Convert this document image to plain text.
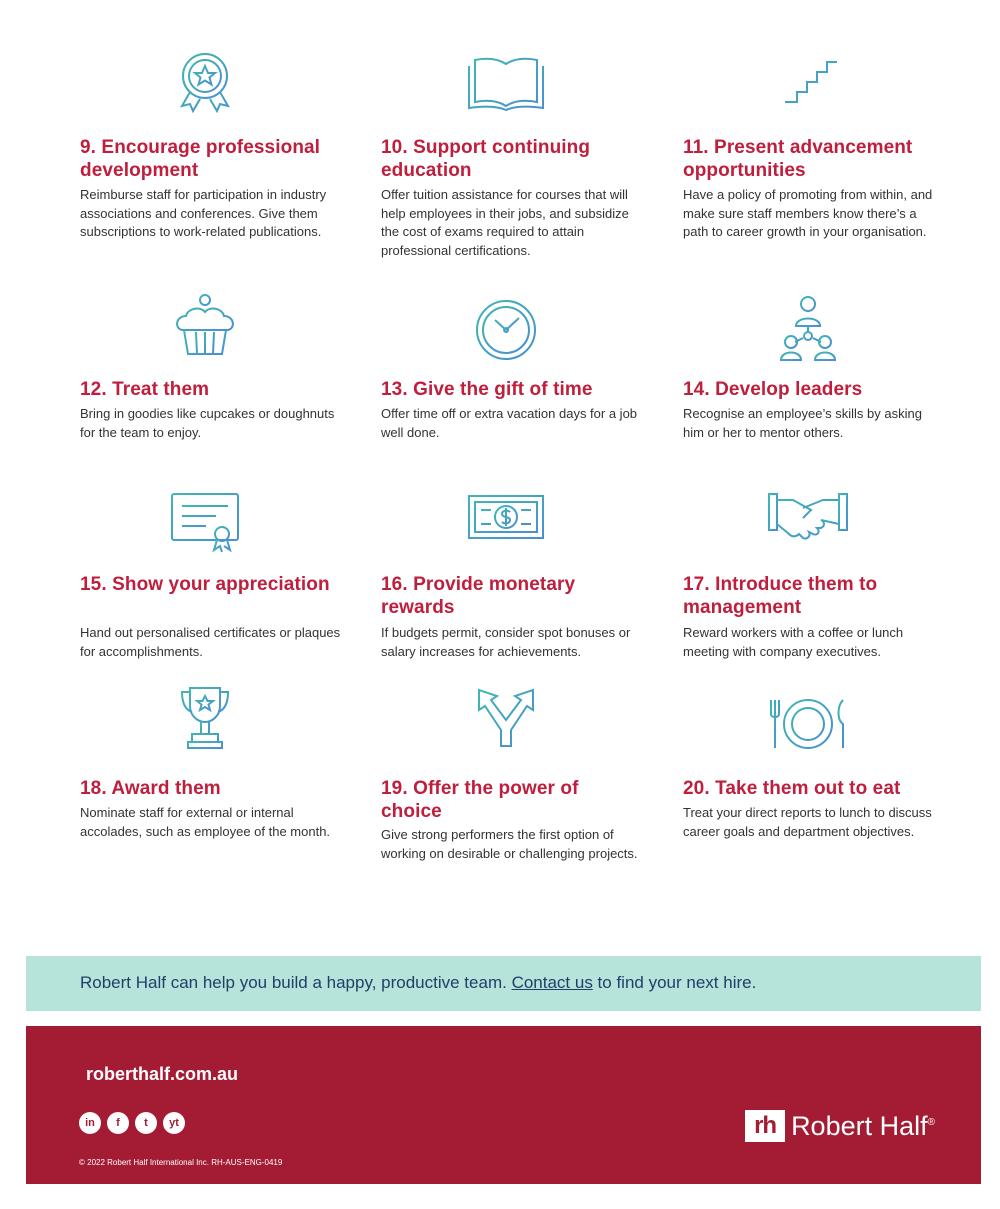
9. Encourage professional development
Reimburse staff for participation in industry associations and conferences. Give them subscriptions to work-related publications.
10. Support continuing education
Offer tuition assistance for courses that will help employees in their jobs, and subsidize the cost of exams required to attain professional certifications.
11. Present advancement opportunities
Have a policy of promoting from within, and make sure staff members know there’s a path to career growth in your organisation.
12. Treat them
Bring in goodies like cupcakes or doughnuts for the team to enjoy.
13. Give the gift of time
Offer time off or extra vacation days for a job well done.
14. Develop leaders
Recognise an employee’s skills by asking him or her to mentor others.
15. Show your appreciation
Hand out personalised certificates or plaques for accomplishments.
16. Provide monetary rewards
If budgets permit, consider spot bonuses or salary increases for achievements.
17. Introduce them to management
Reward workers with a coffee or lunch meeting with company executives.
18. Award them
Nominate staff for external or internal accolades, such as employee of the month.
19. Offer the power of choice
Give strong performers the first option of working on desirable or challenging projects.
20. Take them out to eat
Treat your direct reports to lunch to discuss career goals and department objectives.
Robert Half can help you build a happy, productive team. Contact us to find your next hire.
roberthalf.com.au
in	f	t	yt
© 2022 Robert Half International Inc. RH-AUS-ENG-0419
rh Robert Half®
